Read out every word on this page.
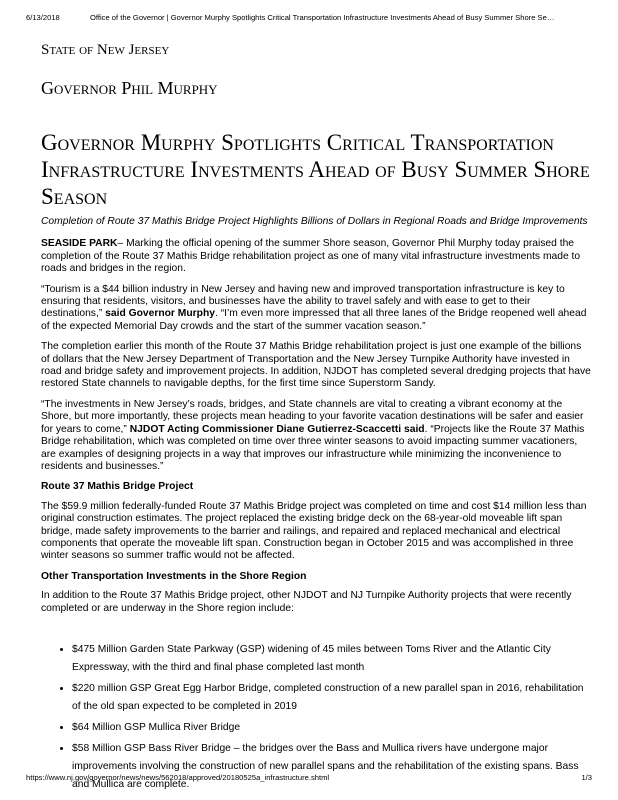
6/13/2018	Office of the Governor | Governor Murphy Spotlights Critical Transportation Infrastructure Investments Ahead of Busy Summer Shore Se…
State of New Jersey
Governor Phil Murphy
Governor Murphy Spotlights Critical Transportation Infrastructure Investments Ahead of Busy Summer Shore Season

Completion of Route 37 Mathis Bridge Project Highlights Billions of Dollars in Regional Roads and Bridge Improvements

SEASIDE PARK– Marking the official opening of the summer Shore season, Governor Phil Murphy today praised the completion of the Route 37 Mathis Bridge rehabilitation project as one of many vital infrastructure investments made to roads and bridges in the region.

“Tourism is a $44 billion industry in New Jersey and having new and improved transportation infrastructure is key to ensuring that residents, visitors, and businesses have the ability to travel safely and with ease to get to their destinations,” said Governor Murphy. “I’m even more impressed that all three lanes of the Bridge reopened well ahead of the expected Memorial Day crowds and the start of the summer vacation season.”

The completion earlier this month of the Route 37 Mathis Bridge rehabilitation project is just one example of the billions of dollars that the New Jersey Department of Transportation and the New Jersey Turnpike Authority have invested in road and bridge safety and improvement projects. In addition, NJDOT has completed several dredging projects that have restored State channels to navigable depths, for the first time since Superstorm Sandy.

“The investments in New Jersey’s roads, bridges, and State channels are vital to creating a vibrant economy at the Shore, but more importantly, these projects mean heading to your favorite vacation destinations will be safer and easier for years to come,” NJDOT Acting Commissioner Diane Gutierrez-Scaccetti said. “Projects like the Route 37 Mathis Bridge rehabilitation, which was completed on time over three winter seasons to avoid impacting summer vacationers, are examples of designing projects in a way that improves our infrastructure while minimizing the inconvenience to residents and businesses.”

Route 37 Mathis Bridge Project

The $59.9 million federally-funded Route 37 Mathis Bridge project was completed on time and cost $14 million less than original construction estimates. The project replaced the existing bridge deck on the 68-year-old moveable lift span bridge, made safety improvements to the barrier and railings, and repaired and replaced mechanical and electrical components that operate the moveable lift span. Construction began in October 2015 and was accomplished in three winter seasons so summer traffic would not be affected.

Other Transportation Investments in the Shore Region

In addition to the Route 37 Mathis Bridge project, other NJDOT and NJ Turnpike Authority projects that were recently completed or are underway in the Shore region include:

• $475 Million Garden State Parkway (GSP) widening of 45 miles between Toms River and the Atlantic City Expressway, with the third and final phase completed last month
• $220 million GSP Great Egg Harbor Bridge, completed construction of a new parallel span in 2016, rehabilitation of the old span expected to be completed in 2019
• $64 Million GSP Mullica River Bridge
• $58 Million GSP Bass River Bridge – the bridges over the Bass and Mullica rivers have undergone major improvements involving the construction of new parallel spans and the rehabilitation of the existing spans. Bass and Mullica are complete.
https://www.nj.gov/governor/news/news/562018/approved/20180525a_infrastructure.shtml	1/3
